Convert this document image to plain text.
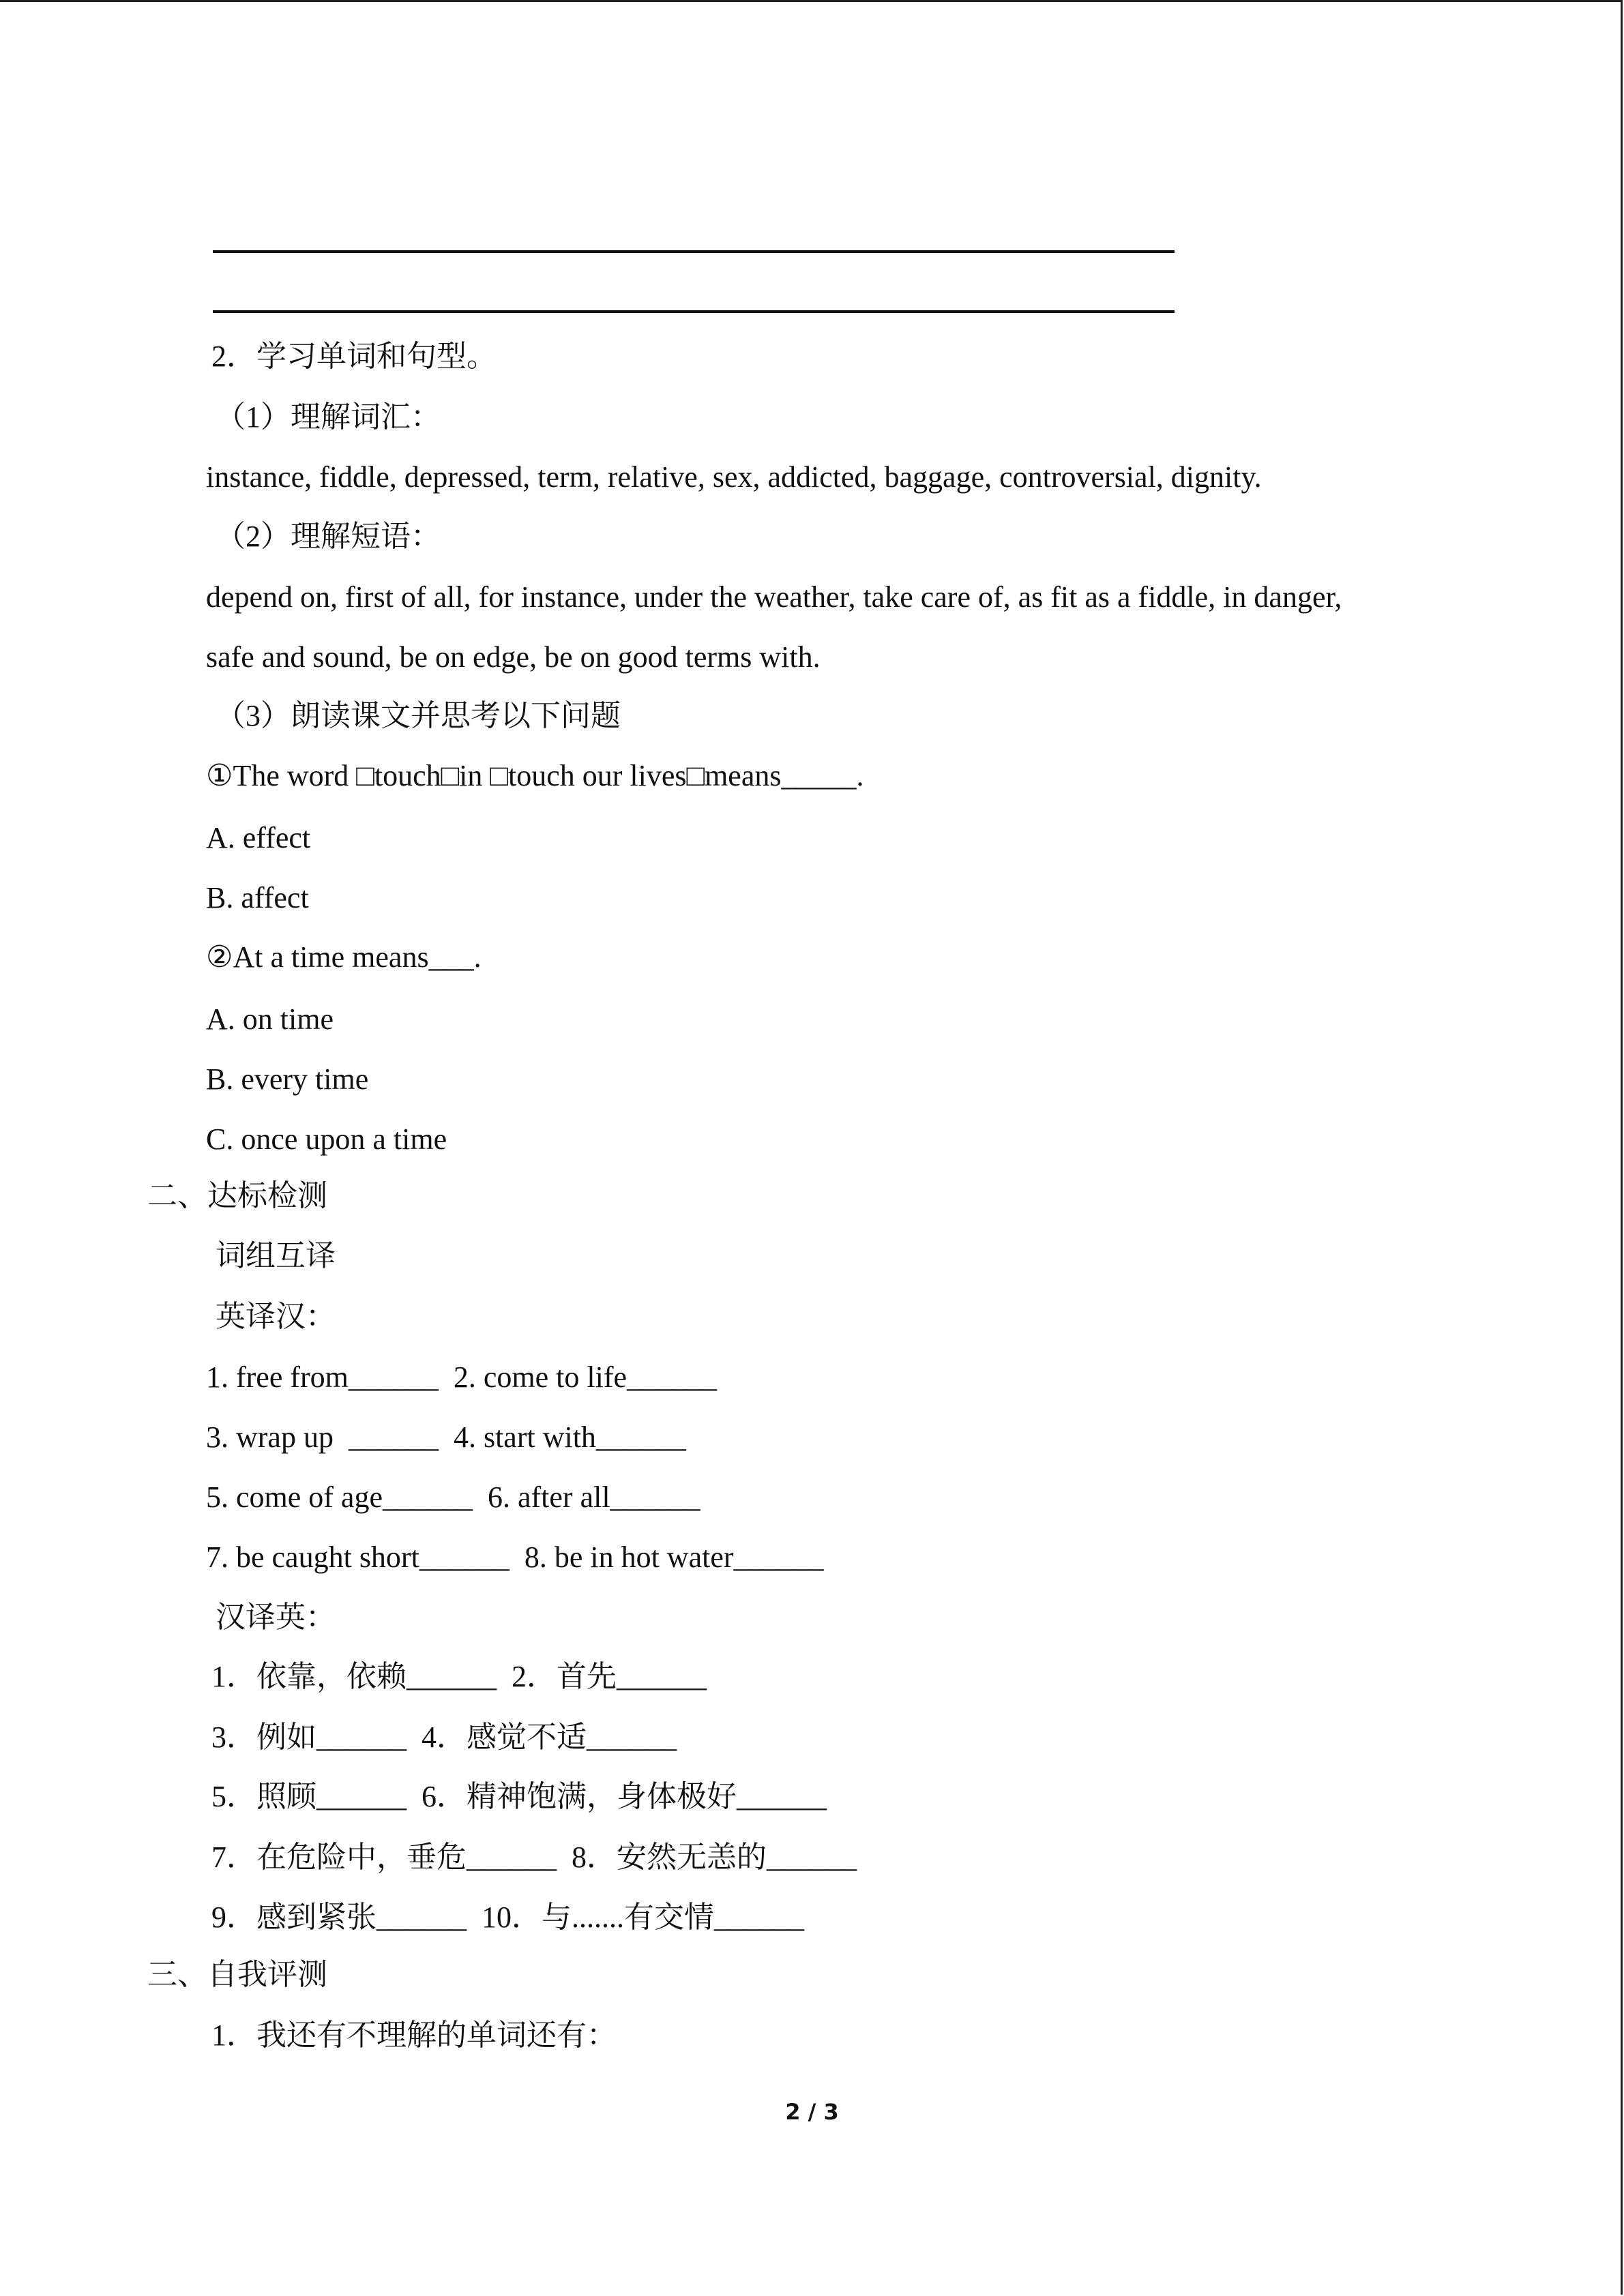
2．学习单词和句型。
（1）理解词汇：
instance, fiddle, depressed, term, relative, sex, addicted, baggage, controversial, dignity.
（2）理解短语：
depend on, first of all, for instance, under the weather, take care of, as fit as a fiddle, in danger,
safe and sound, be on edge, be on good terms with.
（3）朗读课文并思考以下问题
①The word □touch□in □touch our lives□means_____.
A. effect
B. affect
②At a time means___.
A. on time
B. every time
C. once upon a time
二、达标检测
词组互译
英译汉：
1. free from______  2. come to life______
3. wrap up  ______  4. start with______
5. come of age______  6. after all______
7. be caught short______  8. be in hot water______
汉译英：
1．依靠，依赖______  2．首先______
3．例如______  4．感觉不适______
5．照顾______  6．精神饱满，身体极好______
7．在危险中，垂危______  8．安然无恙的______
9．感到紧张______  10．与.......有交情______
三、自我评测
1．我还有不理解的单词还有：
2 / 3
